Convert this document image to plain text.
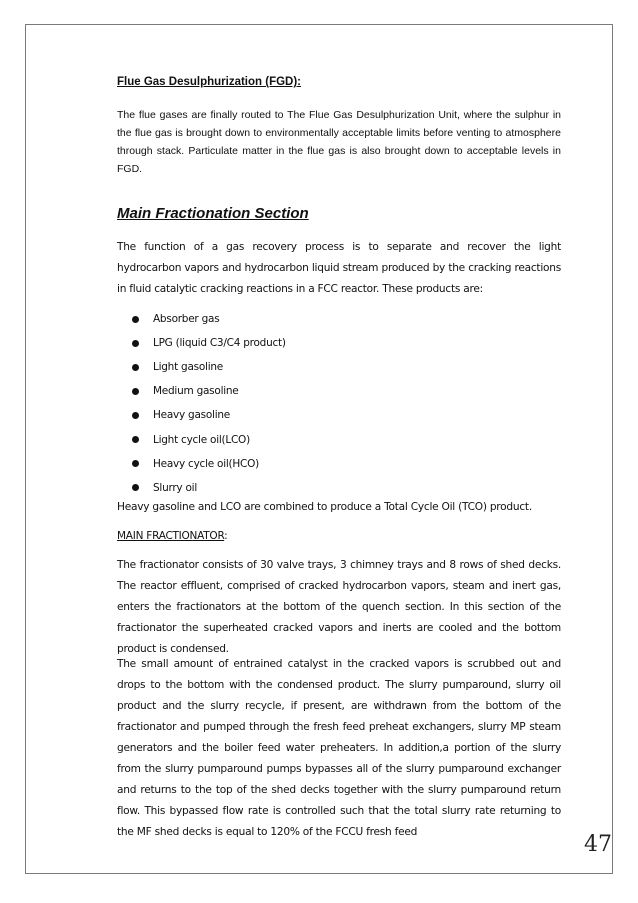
Flue Gas Desulphurization (FGD):

The flue gases are finally routed to The Flue Gas Desulphurization Unit, where the sulphur in the flue gas is brought down to environmentally acceptable limits before venting to atmosphere through stack. Particulate matter in the flue gas is also brought down to acceptable levels in FGD.

Main Fractionation Section

The function of a gas recovery process is to separate and recover the light hydrocarbon vapors and hydrocarbon liquid stream produced by the cracking reactions in fluid catalytic cracking reactions in a FCC reactor. These products are:

Absorber gas
LPG (liquid C3/C4 product)
Light gasoline
Medium gasoline
Heavy gasoline
Light cycle oil(LCO)
Heavy cycle oil(HCO)
Slurry oil

Heavy gasoline and LCO are combined to produce a Total Cycle Oil (TCO) product.

MAIN FRACTIONATOR:

The fractionator consists of 30 valve trays, 3 chimney trays and 8 rows of shed decks. The reactor effluent, comprised of cracked hydrocarbon vapors, steam and inert gas, enters the fractionators at the bottom of the quench section. In this section of the fractionator the superheated cracked vapors and inerts are cooled and the bottom product is condensed.

The small amount of entrained catalyst in the cracked vapors is scrubbed out and drops to the bottom with the condensed product. The slurry pumparound, slurry oil product and the slurry recycle, if present, are withdrawn from the bottom of the fractionator and pumped through the fresh feed preheat exchangers, slurry MP steam generators and the boiler feed water preheaters. In addition,a portion of the slurry from the slurry pumparound pumps bypasses all of the slurry pumparound exchanger and returns to the top of the shed decks together with the slurry pumparound return flow. This bypassed flow rate is controlled such that the total slurry rate returning to the MF shed decks is equal to 120% of the FCCU fresh feed	47
